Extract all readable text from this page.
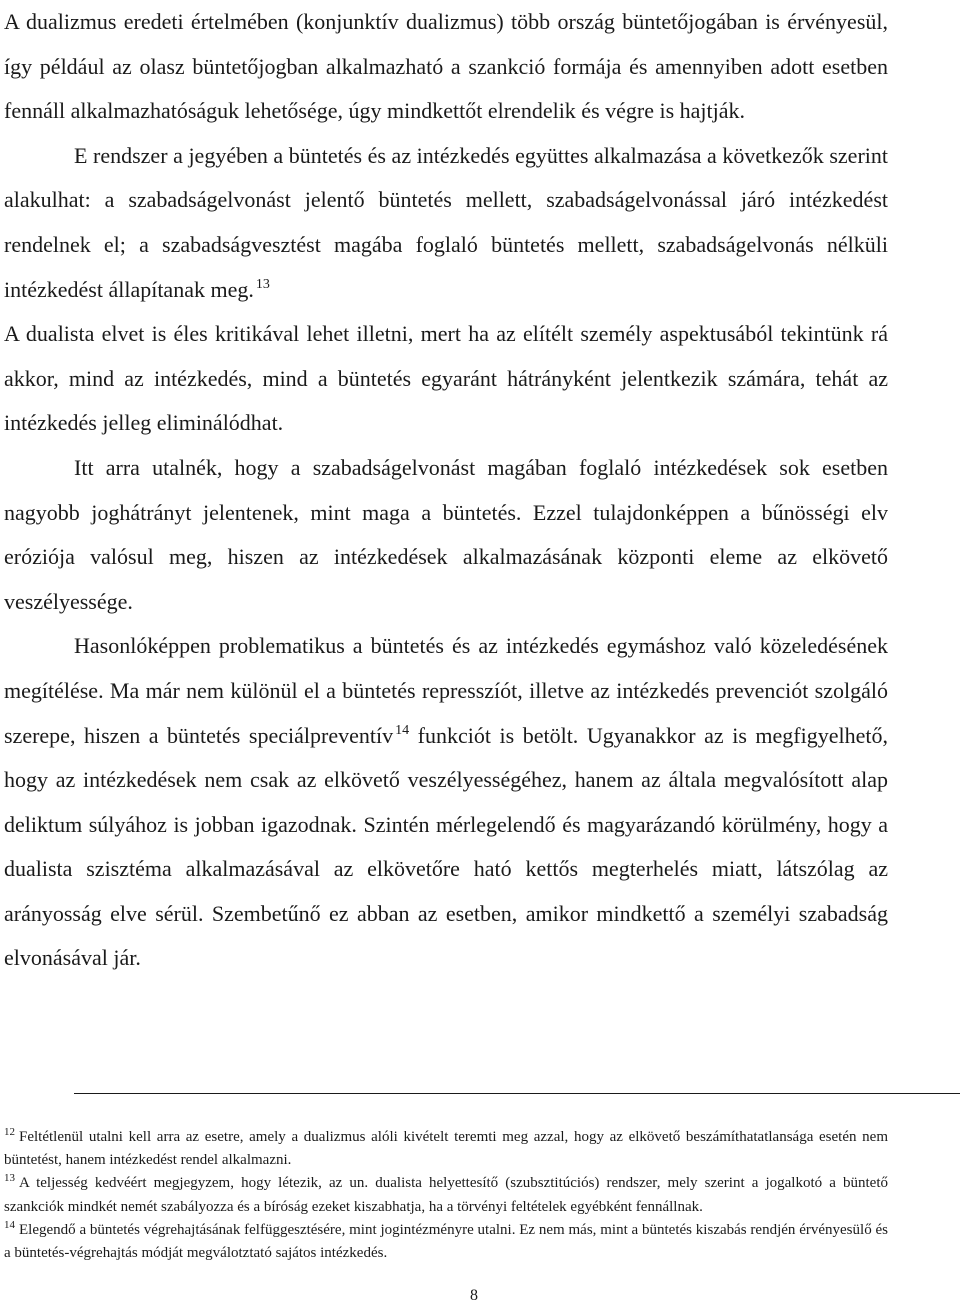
A dualizmus eredeti értelmében (konjunktív dualizmus) több ország büntetőjogában is érvényesül, így például az olasz büntetőjogban alkalmazható a szankció formája és amennyiben adott esetben fennáll alkalmazhatóságuk lehetősége, úgy mindkettőt elrendelik és végre is hajtják.

E rendszer a jegyében a büntetés és az intézkedés együttes alkalmazása a következők szerint alakulhat: a szabadságelvonást jelentő büntetés mellett, szabadságelvonással járó intézkedést rendelnek el; a szabadságvesztést magába foglaló büntetés mellett, szabadságelvonás nélküli intézkedést állapítanak meg. $^{13}$

A dualista elvet is éles kritikával lehet illetni, mert ha az elítélt személy aspektusából tekintünk rá akkor, mind az intézkedés, mind a büntetés egyaránt hátrányként jelentkezik számára, tehát az intézkedés jelleg eliminálódhat.

Itt arra utalnék, hogy a szabadságelvonást magában foglaló intézkedések sok esetben nagyobb joghátrányt jelentenek, mint maga a büntetés. Ezzel tulajdonképpen a bűnösségi elv eróziója valósul meg, hiszen az intézkedések alkalmazásának központi eleme az elkövető veszélyessége.

Hasonlóképpen problematikus a büntetés és az intézkedés egymáshoz való közeledésének megítélése. Ma már nem különül el a büntetés represszíót, illetve az intézkedés prevenciót szolgáló szerepe, hiszen a büntetés speciálpreventív $^{14}$ funkciót is betölt. Ugyanakkor az is megfigyelhető, hogy az intézkedések nem csak az elkövető veszélyességéhez, hanem az általa megvalósított alap deliktum súlyához is jobban igazodnak. Szintén mérlegelendő és magyarázandó körülmény, hogy a dualista szisztéma alkalmazásával az elkövetőre ható kettős megterhelés miatt, látszólag az arányosság elve sérül. Szembetűnő ez abban az esetben, amikor mindkettő a személyi szabadság elvonásával jár.

$^{12}$ Feltétlenül utalni kell arra az esetre, amely a dualizmus alóli kivételt teremti meg azzal, hogy az elkövető beszámíthatatlansága esetén nem büntetést, hanem intézkedést rendel alkalmazni.

$^{13}$ A teljesség kedvéért megjegyzem, hogy létezik, az un. dualista helyettesítő (szubsztitúciós) rendszer, mely szerint a jogalkotó a büntető szankciók mindkét nemét szabályozza és a bíróság ezeket kiszabhatja, ha a törvényi feltételek egyébként fennállnak.

$^{14}$ Elegendő a büntetés végrehajtásának felfüggesztésére, mint jogintézményre utalni. Ez nem más, mint a büntetés kiszabás rendjén érvényesülő és a büntetés-végrehajtás módját megválotztató sajátos intézkedés.

8
